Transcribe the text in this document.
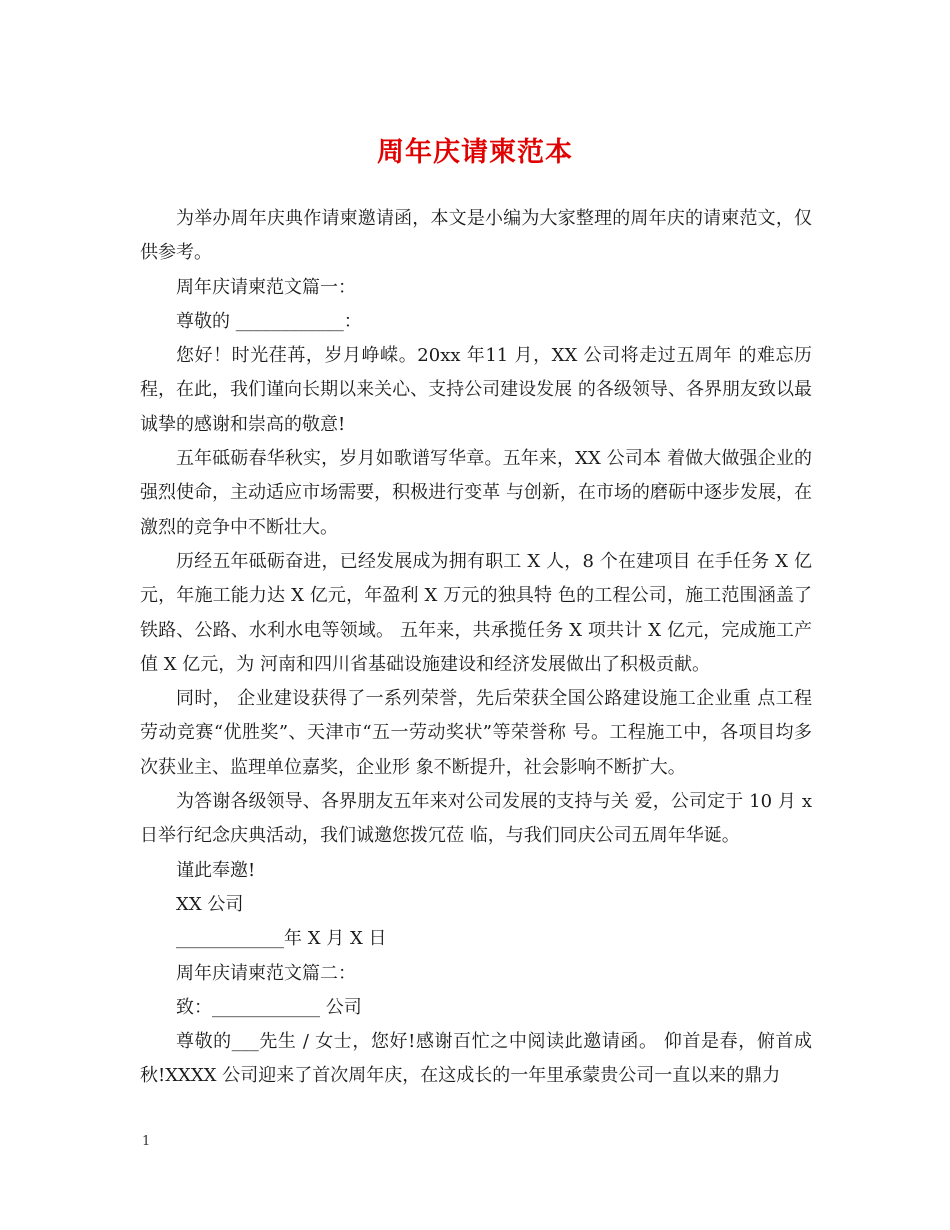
周年庆请柬范本

为举办周年庆典作请柬邀请函，本文是小编为大家整理的周年庆的请柬范文，仅供参考。

周年庆请柬范文篇一：

尊敬的 ____________：

您好！时光荏苒，岁月峥嵘。20xx 年11 月，XX 公司将走过五周年 的难忘历程，在此，我们谨向长期以来关心、支持公司建设发展 的各级领导、各界朋友致以最诚挚的感谢和崇高的敬意!

五年砥砺春华秋实，岁月如歌谱写华章。五年来，XX 公司本 着做大做强企业的强烈使命，主动适应市场需要，积极进行变革 与创新，在市场的磨砺中逐步发展，在激烈的竞争中不断壮大。

历经五年砥砺奋进，已经发展成为拥有职工 X 人，8 个在建项目 在手任务 X 亿元，年施工能力达 X 亿元，年盈利 X 万元的独具特 色的工程公司，施工范围涵盖了铁路、公路、水利水电等领域。 五年来，共承揽任务 X 项共计 X 亿元，完成施工产值 X 亿元，为 河南和四川省基础设施建设和经济发展做出了积极贡献。

同时， 企业建设获得了一系列荣誉，先后荣获全国公路建设施工企业重 点工程劳动竞赛“优胜奖”、天津市“五一劳动奖状”等荣誉称 号。工程施工中，各项目均多次获业主、监理单位嘉奖，企业形 象不断提升，社会影响不断扩大。

为答谢各级领导、各界朋友五年来对公司发展的支持与关 爱，公司定于 10 月 x 日举行纪念庆典活动，我们诚邀您拨冗莅 临，与我们同庆公司五周年华诞。

谨此奉邀!

XX 公司

____________年 X 月 X 日

周年庆请柬范文篇二：

致：____________ 公司

尊敬的___先生 / 女士，您好!感谢百忙之中阅读此邀请函。 仰首是春，俯首成秋!XXXX 公司迎来了首次周年庆，在这成长的一年里承蒙贵公司一直以来的鼎力

1
